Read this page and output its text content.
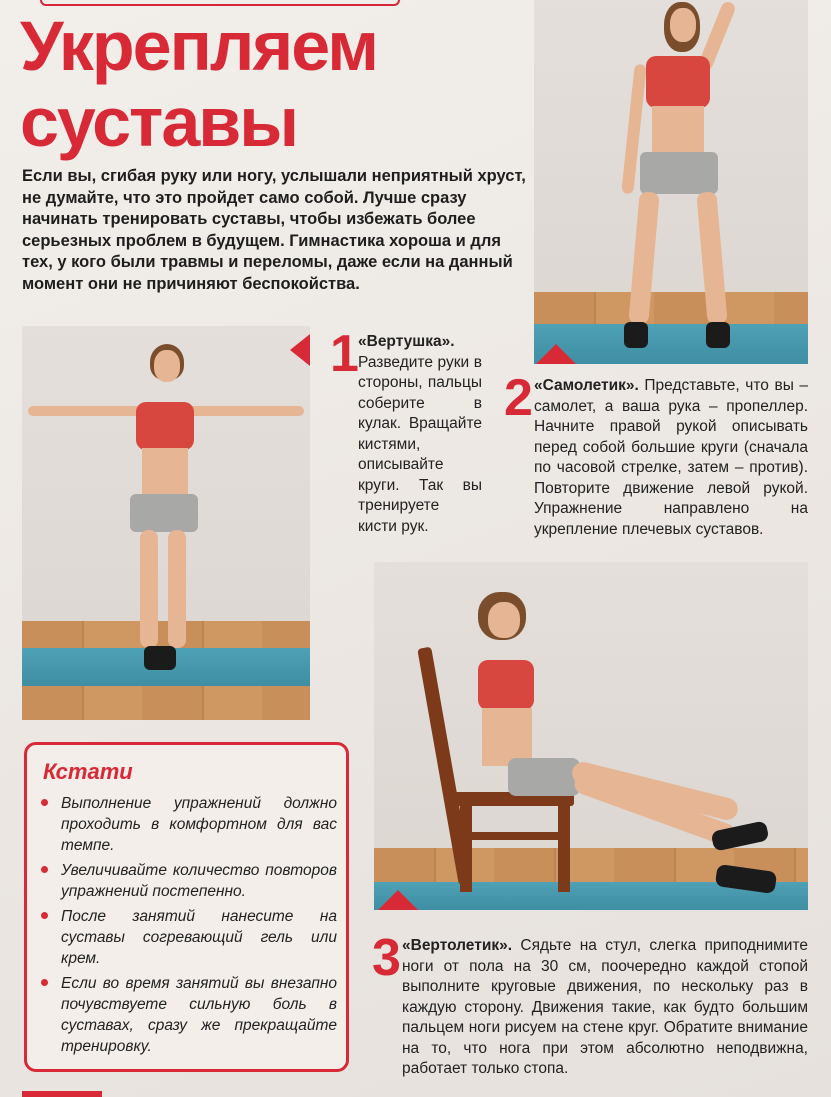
Укрепляем
суставы

Если вы, сгибая руку или ногу, услышали неприятный хруст, не думайте, что это пройдет само собой. Лучше сразу начинать тренировать суставы, чтобы избежать более серьезных проблем в будущем. Гимнастика хороша и для тех, у кого были травмы и переломы, даже если на данный момент они не причиняют беспокойства.

1 «Вертушка». Разведите руки в стороны, пальцы соберите в кулак. Вращайте кистями, описывайте круги. Так вы тренируете кисти рук.

2 «Самолетик». Представьте, что вы – самолет, а ваша рука – пропеллер. Начните правой рукой описывать перед собой большие круги (сначала по часовой стрелке, затем – против). Повторите движение левой рукой. Упражнение направлено на укрепление плечевых суставов.

3 «Вертолетик». Сядьте на стул, слегка приподнимите ноги от пола на 30 см, поочередно каждой стопой выполните круговые движения, по нескольку раз в каждую сторону. Движения такие, как будто большим пальцем ноги рисуем на стене круг. Обратите внимание на то, что нога при этом абсолютно неподвижна, работает только стопа.

Кстати
Выполнение упражнений должно проходить в комфортном для вас темпе.
Увеличивайте количество повторов упражнений постепенно.
После занятий нанесите на суставы согревающий гель или крем.
Если во время занятий вы внезапно почувствуете сильную боль в суставах, сразу же прекращайте тренировку.
